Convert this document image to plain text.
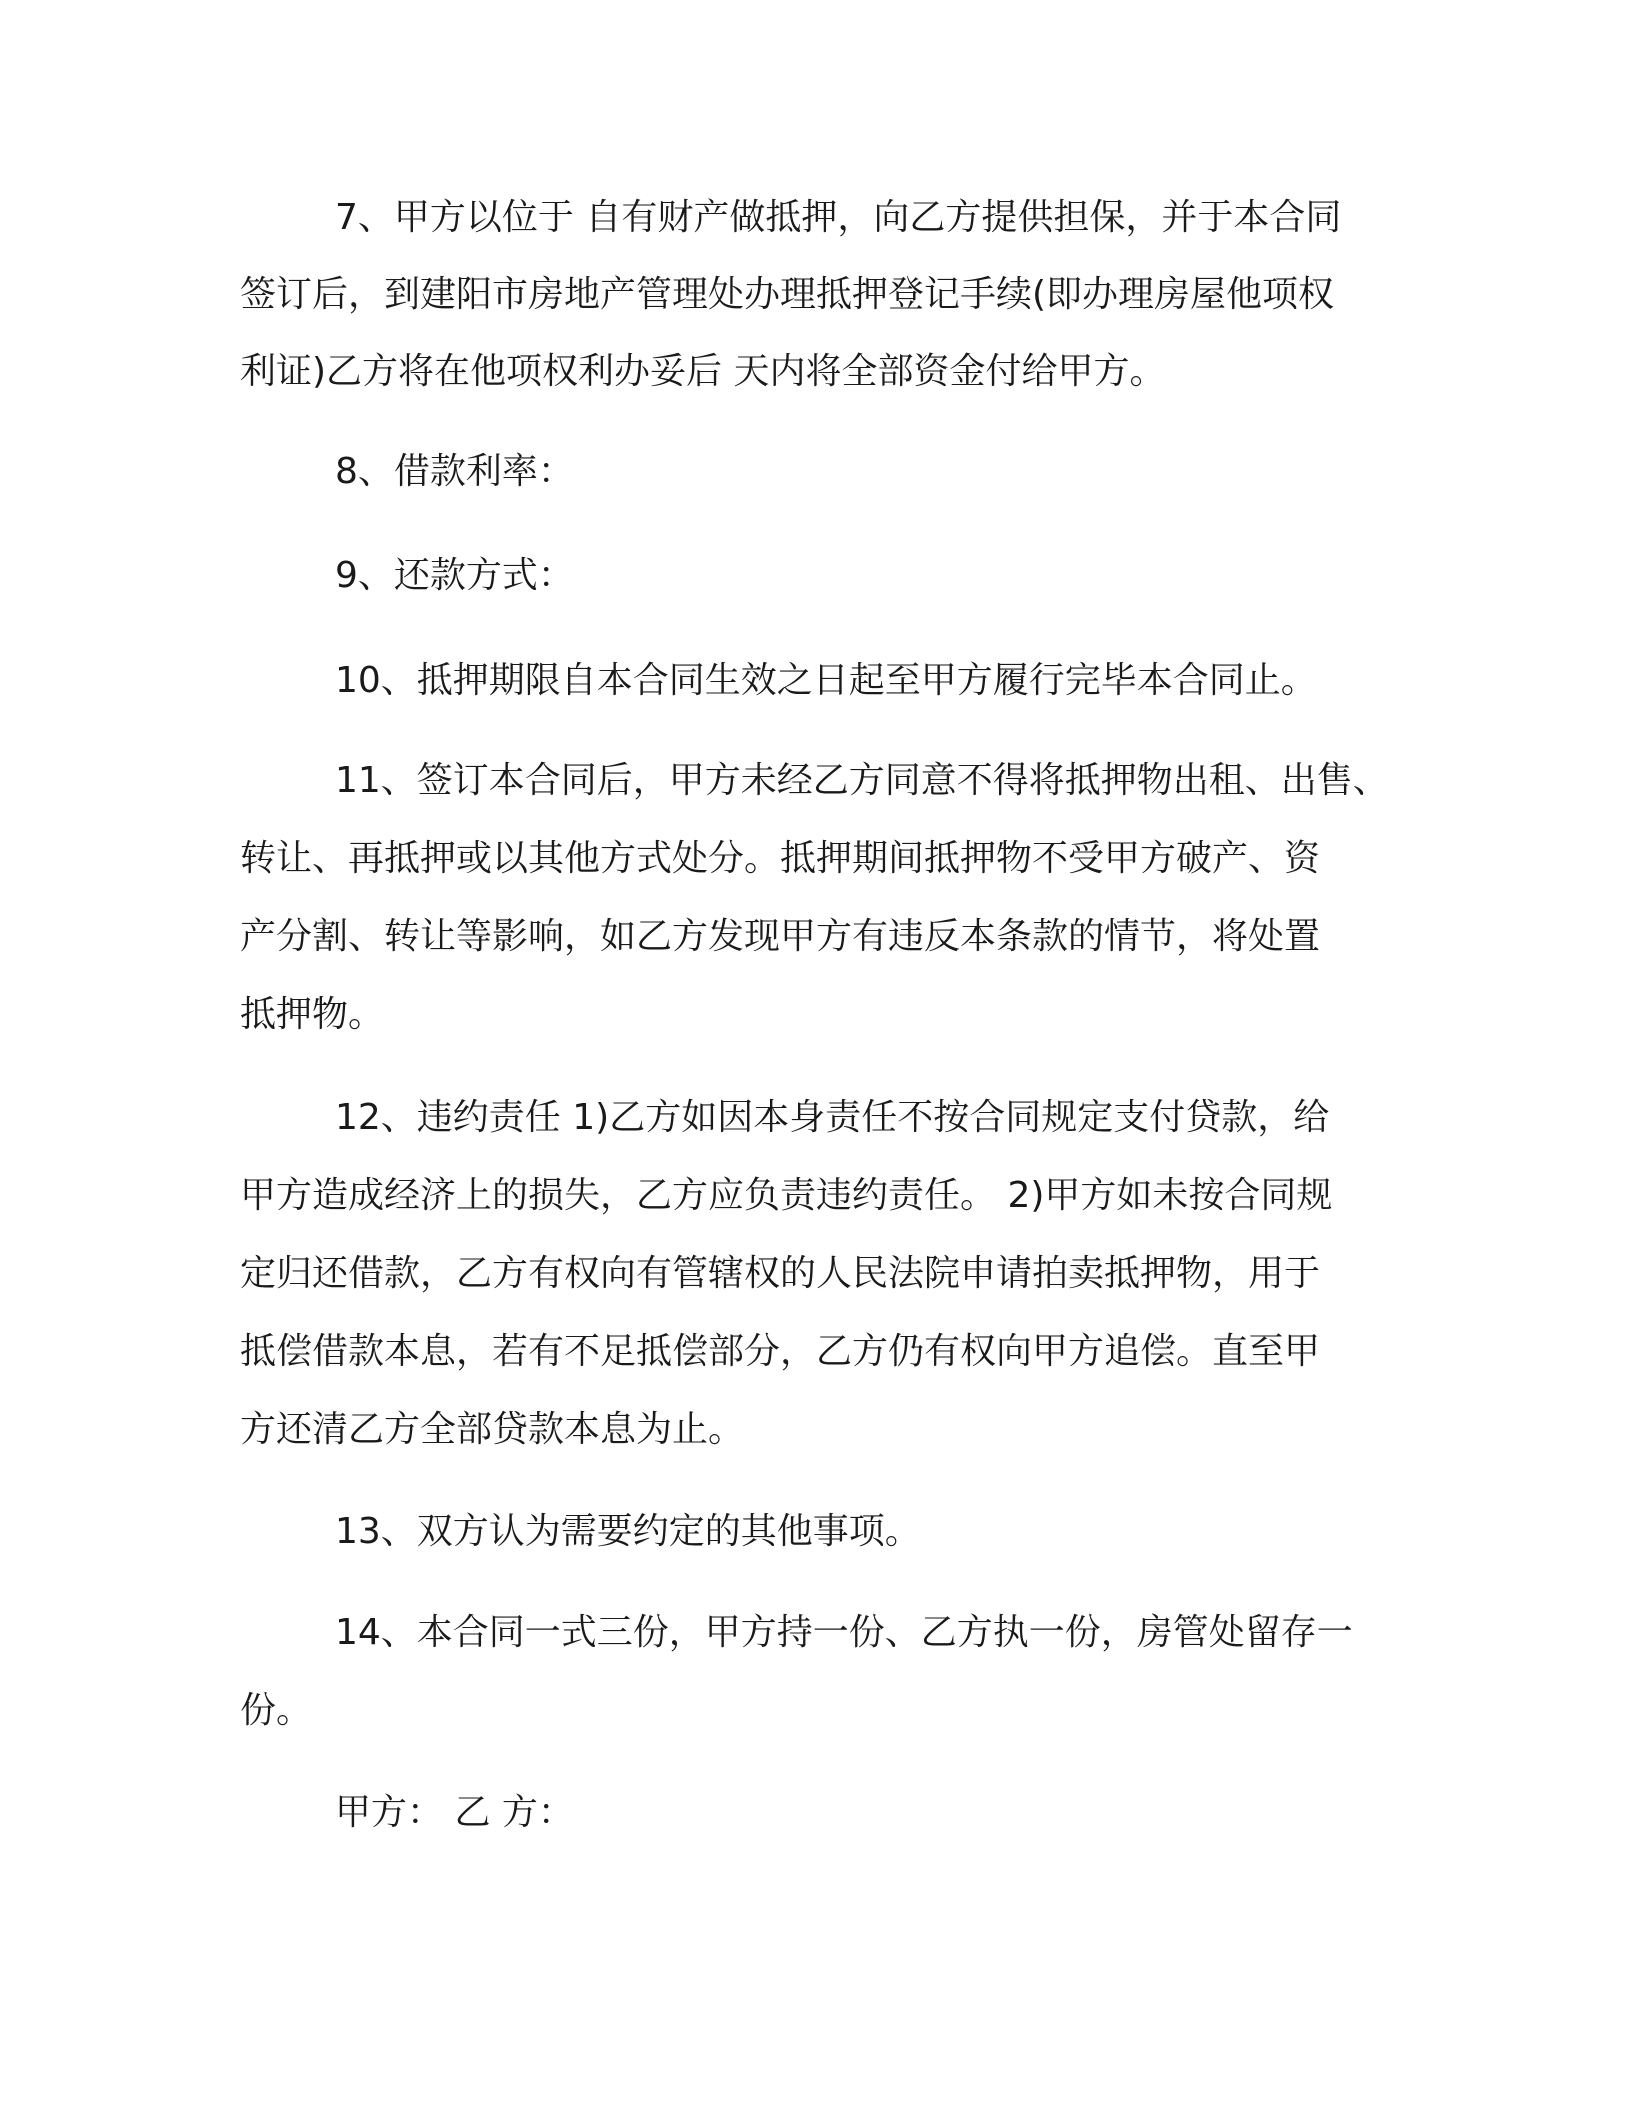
7、甲方以位于 自有财产做抵押，向乙方提供担保，并于本合同
签订后，到建阳市房地产管理处办理抵押登记手续(即办理房屋他项权
利证)乙方将在他项权利办妥后 天内将全部资金付给甲方。
8、借款利率：
9、还款方式：
10、抵押期限自本合同生效之日起至甲方履行完毕本合同止。
11、签订本合同后，甲方未经乙方同意不得将抵押物出租、出售、
转让、再抵押或以其他方式处分。抵押期间抵押物不受甲方破产、资
产分割、转让等影响，如乙方发现甲方有违反本条款的情节，将处置
抵押物。
12、违约责任 1)乙方如因本身责任不按合同规定支付贷款，给
甲方造成经济上的损失，乙方应负责违约责任。 2)甲方如未按合同规
定归还借款，乙方有权向有管辖权的人民法院申请拍卖抵押物，用于
抵偿借款本息，若有不足抵偿部分，乙方仍有权向甲方追偿。直至甲
方还清乙方全部贷款本息为止。
13、双方认为需要约定的其他事项。
14、本合同一式三份，甲方持一份、乙方执一份，房管处留存一
份。
甲方： 乙 方：
